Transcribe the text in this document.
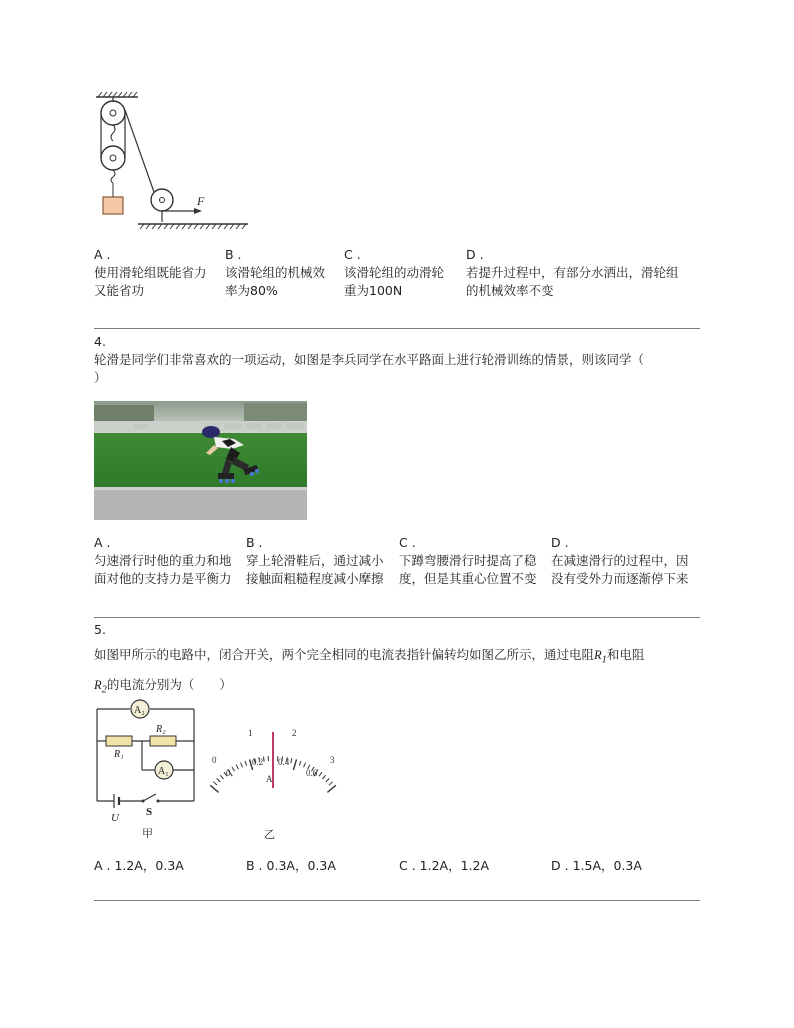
F
A .
使用滑轮组既能省力
又能省功
B .
该滑轮组的机械效
率为80%
C .
该滑轮组的动滑轮
重为100N
D .
若提升过程中，有部分水洒出，滑轮组
的机械效率不变
4.
轮滑是同学们非常喜欢的一项运动，如图是李兵同学在水平路面上进行轮滑训练的情景，则该同学（
）
A .
匀速滑行时他的重力和地
面对他的支持力是平衡力
B .
穿上轮滑鞋后，通过减小
接触面粗糙程度减小摩擦
C .
下蹲弯腰滑行时提高了稳
度，但是其重心位置不变
D .
在减速滑行的过程中，因
没有受外力而逐渐停下来
5.
如图甲所示的电路中，闭合开关，两个完全相同的电流表指针偏转均如图乙所示，通过电阻$R_1$和电阻
$R_2$的电流分别为（　　）
A₂
R₁
R₂
A₁
U S
甲
0
1	2
3
0
0.2 0.4
0.6
A
乙
A . 1.2A，0.3A	B . 0.3A，0.3A	C . 1.2A，1.2A	D . 1.5A，0.3A
